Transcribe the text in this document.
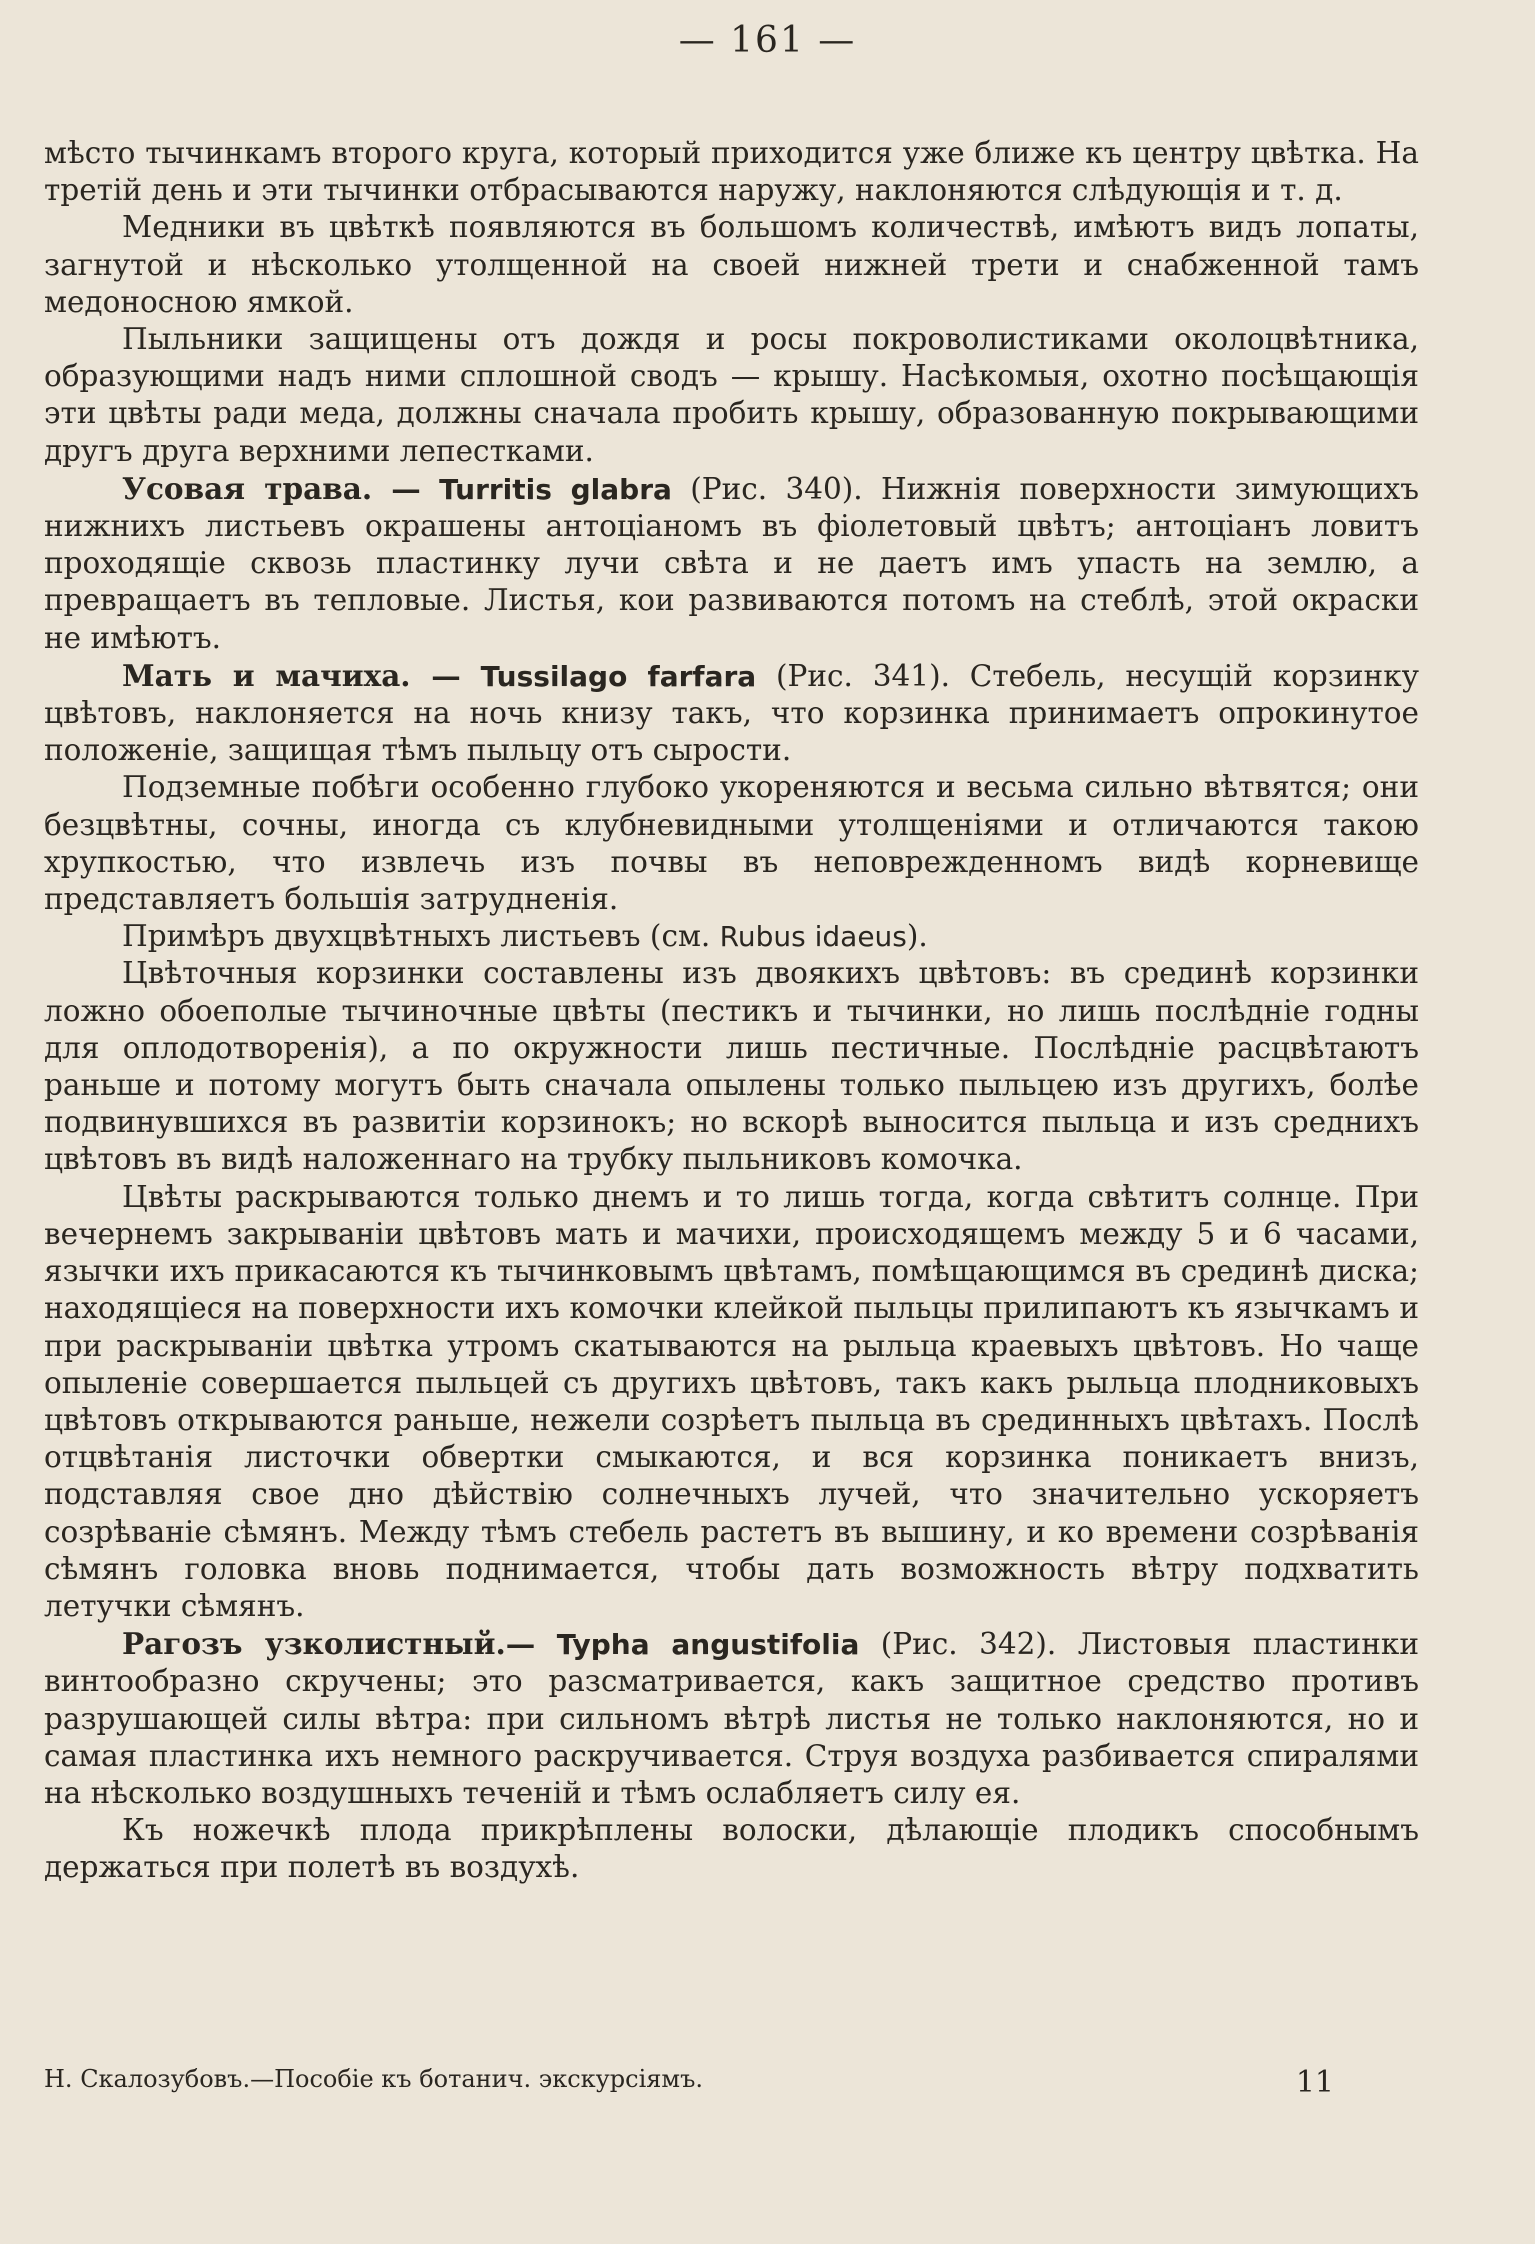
— 161 —

мѣсто тычинкамъ второго круга, который приходится уже ближе къ центру цвѣтка. На третій день и эти тычинки отбрасываются наружу, наклоняются слѣдующія и т. д.

Медники въ цвѣткѣ появляются въ большомъ количествѣ, имѣютъ видъ лопаты, загнутой и нѣсколько утолщенной на своей нижней трети и снабженной тамъ медоносною ямкой.

Пыльники защищены отъ дождя и росы покроволистиками околоцвѣтника, образующими надъ ними сплошной сводъ — крышу. Насѣкомыя, охотно посѣщающія эти цвѣты ради меда, должны сначала пробить крышу, образованную покрывающими другъ друга верхними лепестками.

Усовая трава. — Turritis glabra (Рис. 340). Нижнія поверхности зимующихъ нижнихъ листьевъ окрашены антоціаномъ въ фіолетовый цвѣтъ; антоціанъ ловитъ проходящіе сквозь пластинку лучи свѣта и не даетъ имъ упасть на землю, а превращаетъ въ тепловые. Листья, кои развиваются потомъ на стеблѣ, этой окраски не имѣютъ.

Мать и мачиха. — Tussilago farfara (Рис. 341). Стебель, несущій корзинку цвѣтовъ, наклоняется на ночь книзу такъ, что корзинка принимаетъ опрокинутое положеніе, защищая тѣмъ пыльцу отъ сырости.

Подземные побѣги особенно глубоко укореняются и весьма сильно вѣтвятся; они безцвѣтны, сочны, иногда съ клубневидными утолщеніями и отличаются такою хрупкостью, что извлечь изъ почвы въ неповрежденномъ видѣ корневище представляетъ большія затрудненія.

Примѣръ двухцвѣтныхъ листьевъ (см. Rubus idaeus).

Цвѣточныя корзинки составлены изъ двоякихъ цвѣтовъ: въ срединѣ корзинки ложно обоеполые тычиночные цвѣты (пестикъ и тычинки, но лишь послѣдніе годны для оплодотворенія), а по окружности лишь пестичные. Послѣдніе расцвѣтаютъ раньше и потому могутъ быть сначала опылены только пыльцею изъ другихъ, болѣе подвинувшихся въ развитіи корзинокъ; но вскорѣ выносится пыльца и изъ среднихъ цвѣтовъ въ видѣ наложеннаго на трубку пыльниковъ комочка.

Цвѣты раскрываются только днемъ и то лишь тогда, когда свѣтитъ солнце. При вечернемъ закрываніи цвѣтовъ мать и мачихи, происходящемъ между 5 и 6 часами, язычки ихъ прикасаются къ тычинковымъ цвѣтамъ, помѣщающимся въ срединѣ диска; находящіеся на поверхности ихъ комочки клейкой пыльцы прилипаютъ къ язычкамъ и при раскрываніи цвѣтка утромъ скатываются на рыльца краевыхъ цвѣтовъ. Но чаще опыленіе совершается пыльцей съ другихъ цвѣтовъ, такъ какъ рыльца плодниковыхъ цвѣтовъ открываются раньше, нежели созрѣетъ пыльца въ срединныхъ цвѣтахъ. Послѣ отцвѣтанія листочки обвертки смыкаются, и вся корзинка поникаетъ внизъ, подставляя свое дно дѣйствію солнечныхъ лучей, что значительно ускоряетъ созрѣваніе сѣмянъ. Между тѣмъ стебель растетъ въ вышину, и ко времени созрѣванія сѣмянъ головка вновь поднимается, чтобы дать возможность вѣтру подхватить летучки сѣмянъ.

Рагозъ узколистный.— Typha angustifolia (Рис. 342). Листовыя пластинки винтообразно скручены; это разсматривается, какъ защитное средство противъ разрушающей силы вѣтра: при сильномъ вѣтрѣ листья не только наклоняются, но и самая пластинка ихъ немного раскручивается. Струя воздуха разбивается спиралями на нѣсколько воздушныхъ теченій и тѣмъ ослабляетъ силу ея.

Къ ножечкѣ плода прикрѣплены волоски, дѣлающіе плодикъ способнымъ держаться при полетѣ въ воздухѣ.

Н. Скалозубовъ.—Пособіе къ ботанич. экскурсіямъ.	11
